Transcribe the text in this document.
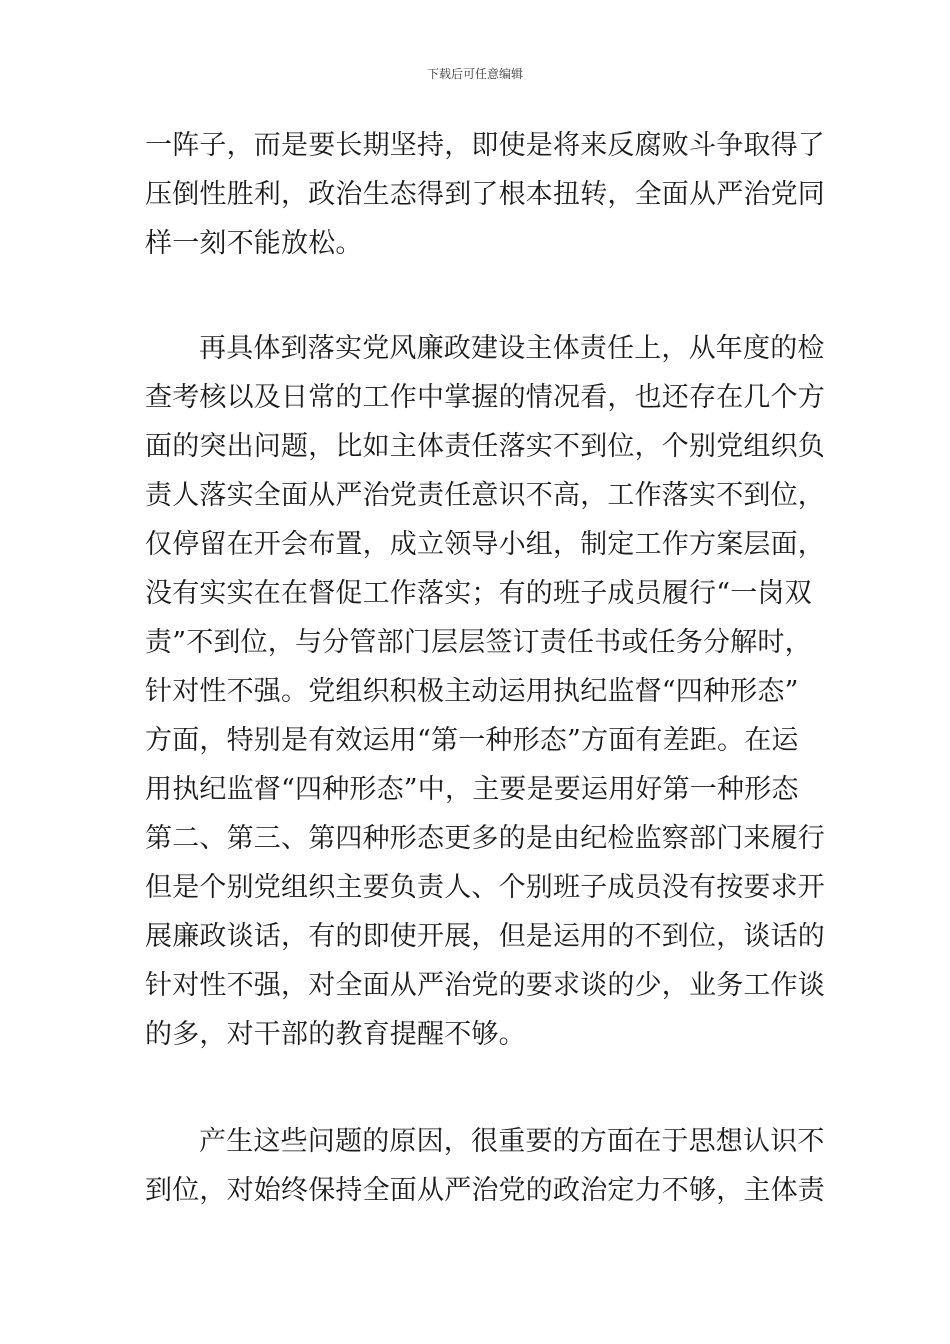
下载后可任意编辑
一阵子，而是要长期坚持，即使是将来反腐败斗争取得了
压倒性胜利，政治生态得到了根本扭转，全面从严治党同
样一刻不能放松。
再具体到落实党风廉政建设主体责任上，从年度的检
查考核以及日常的工作中掌握的情况看，也还存在几个方
面的突出问题，比如主体责任落实不到位，个别党组织负
责人落实全面从严治党责任意识不高，工作落实不到位，
仅停留在开会布置，成立领导小组，制定工作方案层面，
没有实实在在督促工作落实；有的班子成员履行“一岗双
责”不到位，与分管部门层层签订责任书或任务分解时，
针对性不强。党组织积极主动运用执纪监督“四种形态”
方面，特别是有效运用“第一种形态”方面有差距。在运
用执纪监督“四种形态”中，主要是要运用好第一种形态
第二、第三、第四种形态更多的是由纪检监察部门来履行
但是个别党组织主要负责人、个别班子成员没有按要求开
展廉政谈话，有的即使开展，但是运用的不到位，谈话的
针对性不强，对全面从严治党的要求谈的少，业务工作谈
的多，对干部的教育提醒不够。
产生这些问题的原因，很重要的方面在于思想认识不
到位，对始终保持全面从严治党的政治定力不够，主体责
